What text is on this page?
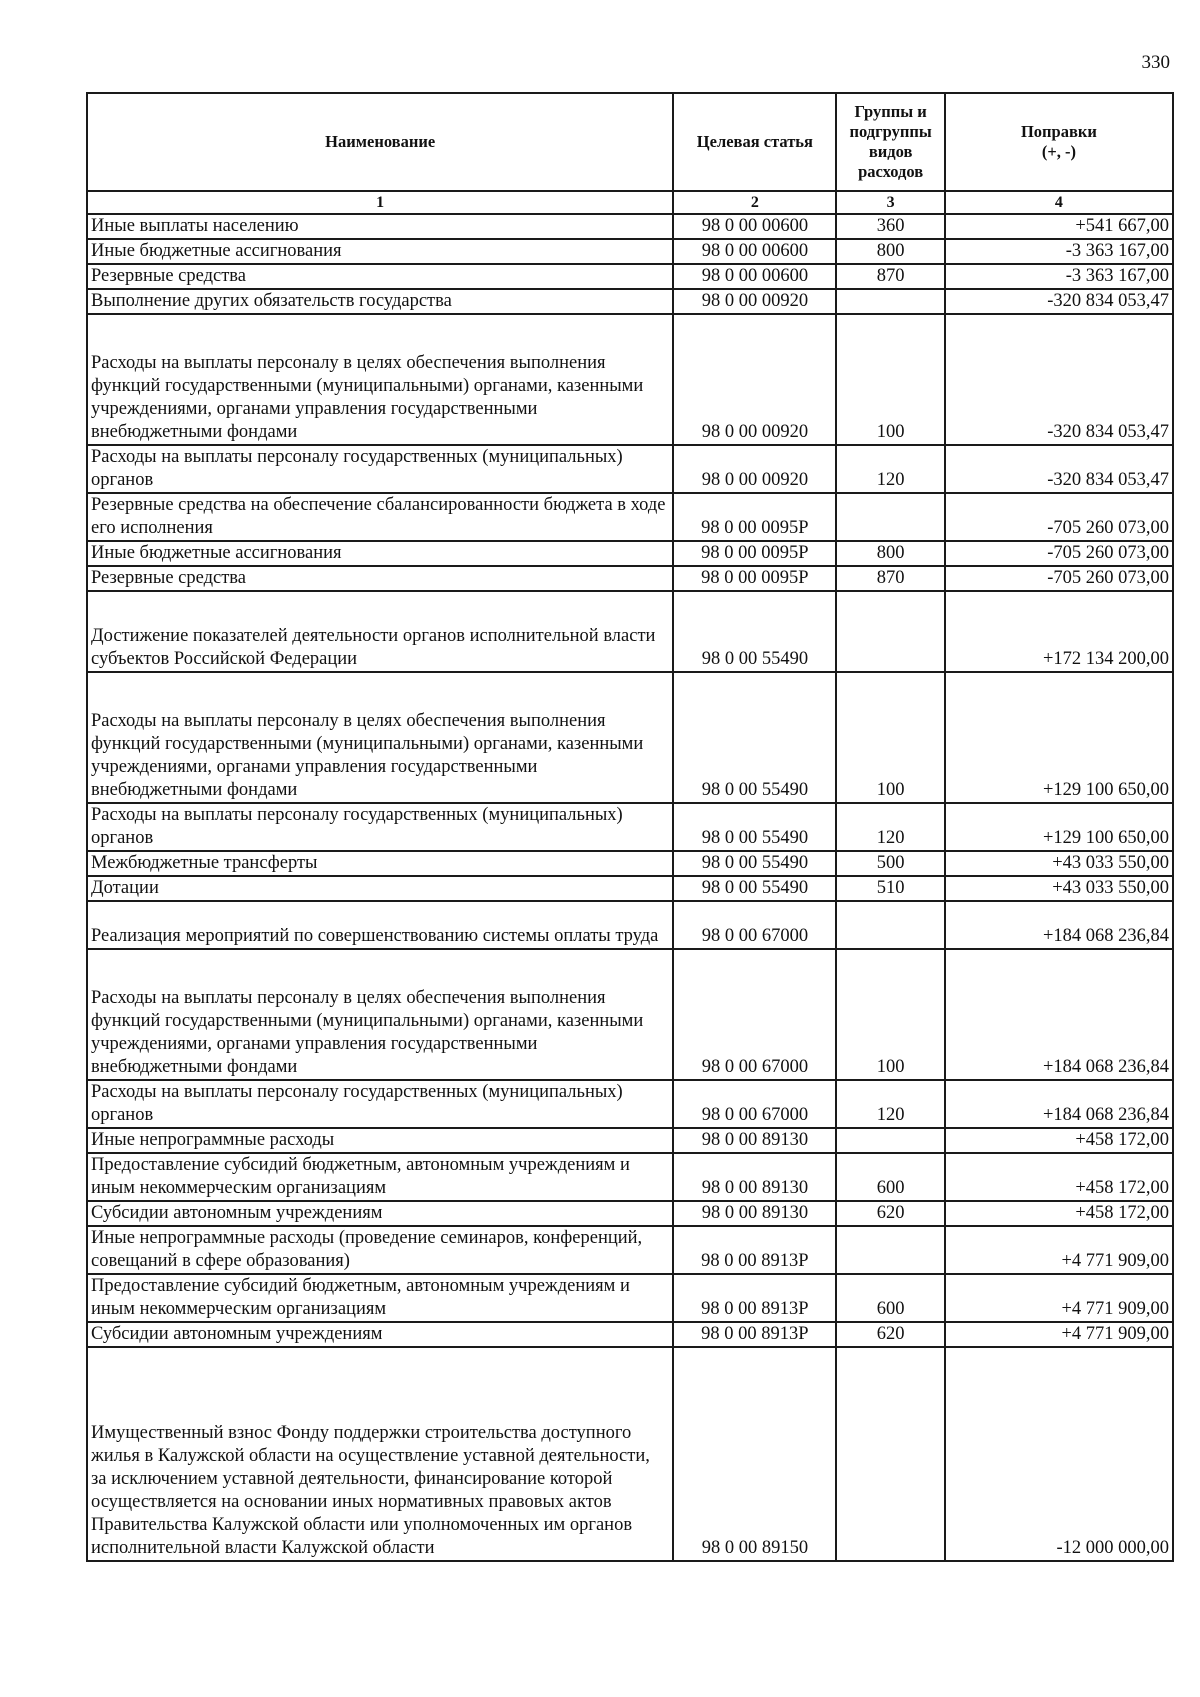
330
Наименование	Целевая статья	Группы и подгруппы видов расходов	Поправки
(+, -)

1	2	3	4
Иные выплаты населению	98 0 00 00600	360	+541 667,00
Иные бюджетные ассигнования	98 0 00 00600	800	-3 363 167,00
Резервные средства	98 0 00 00600	870	-3 363 167,00
Выполнение других обязательств государства	98 0 00 00920		-320 834 053,47
Расходы на выплаты персоналу в целях обеспечения выполнения функций государственными (муниципальными) органами, казенными учреждениями, органами управления государственными внебюджетными фондами	98 0 00 00920	100	-320 834 053,47
Расходы на выплаты персоналу государственных (муниципальных) органов	98 0 00 00920	120	-320 834 053,47
Резервные средства на обеспечение сбалансированности бюджета в ходе его исполнения	98 0 00 0095Р		-705 260 073,00
Иные бюджетные ассигнования	98 0 00 0095Р	800	-705 260 073,00
Резервные средства	98 0 00 0095Р	870	-705 260 073,00
Достижение показателей деятельности органов исполнительной власти субъектов Российской Федерации	98 0 00 55490		+172 134 200,00
Расходы на выплаты персоналу в целях обеспечения выполнения функций государственными (муниципальными) органами, казенными учреждениями, органами управления государственными внебюджетными фондами	98 0 00 55490	100	+129 100 650,00
Расходы на выплаты персоналу государственных (муниципальных) органов	98 0 00 55490	120	+129 100 650,00
Межбюджетные трансферты	98 0 00 55490	500	+43 033 550,00
Дотации	98 0 00 55490	510	+43 033 550,00
Реализация мероприятий по совершенствованию системы оплаты труда	98 0 00 67000		+184 068 236,84
Расходы на выплаты персоналу в целях обеспечения выполнения функций государственными (муниципальными) органами, казенными учреждениями, органами управления государственными внебюджетными фондами	98 0 00 67000	100	+184 068 236,84
Расходы на выплаты персоналу государственных (муниципальных) органов	98 0 00 67000	120	+184 068 236,84
Иные непрограммные расходы	98 0 00 89130		+458 172,00
Предоставление субсидий бюджетным, автономным учреждениям и иным некоммерческим организациям	98 0 00 89130	600	+458 172,00
Субсидии автономным учреждениям	98 0 00 89130	620	+458 172,00
Иные непрограммные расходы (проведение семинаров, конференций, совещаний в сфере образования)	98 0 00 8913Р		+4 771 909,00
Предоставление субсидий бюджетным, автономным учреждениям и иным некоммерческим организациям	98 0 00 8913Р	600	+4 771 909,00
Субсидии автономным учреждениям	98 0 00 8913Р	620	+4 771 909,00
Имущественный взнос Фонду поддержки строительства доступного жилья в Калужской области на осуществление уставной деятельности, за исключением уставной деятельности, финансирование которой осуществляется на основании иных нормативных правовых актов Правительства Калужской области или уполномоченных им органов исполнительной власти Калужской области	98 0 00 89150		-12 000 000,00
